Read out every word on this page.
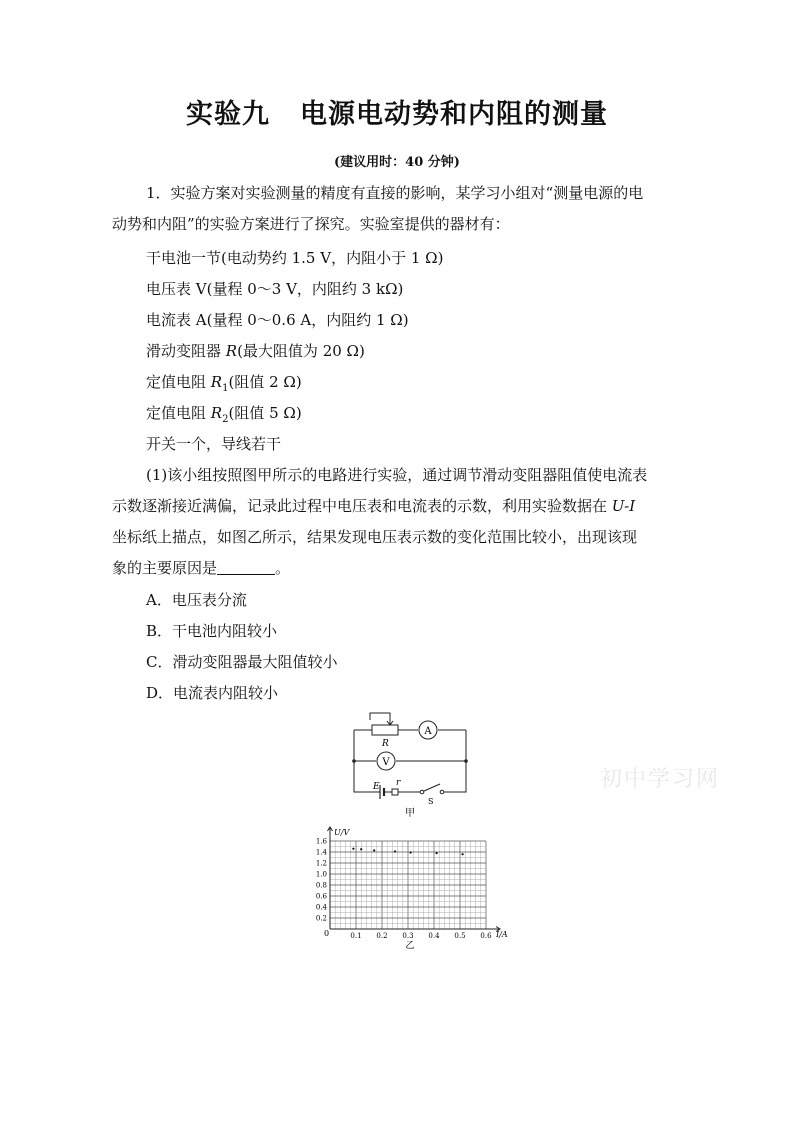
实验九 电源电动势和内阻的测量
(建议用时：40 分钟)
1．实验方案对实验测量的精度有直接的影响，某学习小组对“测量电源的电
动势和内阻”的实验方案进行了探究。实验室提供的器材有：
干电池一节(电动势约 1.5 V，内阻小于 1 Ω)
电压表 V(量程 0～3 V，内阻约 3 kΩ)
电流表 A(量程 0～0.6 A，内阻约 1 Ω)
滑动变阻器 R(最大阻值为 20 Ω)
定值电阻 $R_1$(阻值 2 Ω)
定值电阻 $R_2$(阻值 5 Ω)
开关一个，导线若干
(1)该小组按照图甲所示的电路进行实验，通过调节滑动变阻器阻值使电流表
示数逐渐接近满偏，记录此过程中电压表和电流表的示数，利用实验数据在 U-I
坐标纸上描点，如图乙所示，结果发现电压表示数的变化范围比较小，出现该现
象的主要原因是	。
A．电压表分流
B．干电池内阻较小
C．滑动变阻器最大阻值较小
D．电流表内阻较小
A
V
R
E r
S
甲
0.1 0.2 0.3 0.4 0.5 0.6
0.2
0.4
0.6
0.8
1.0
1.2
1.4
1.6
U/V
I/A
0
乙
初中学习网
